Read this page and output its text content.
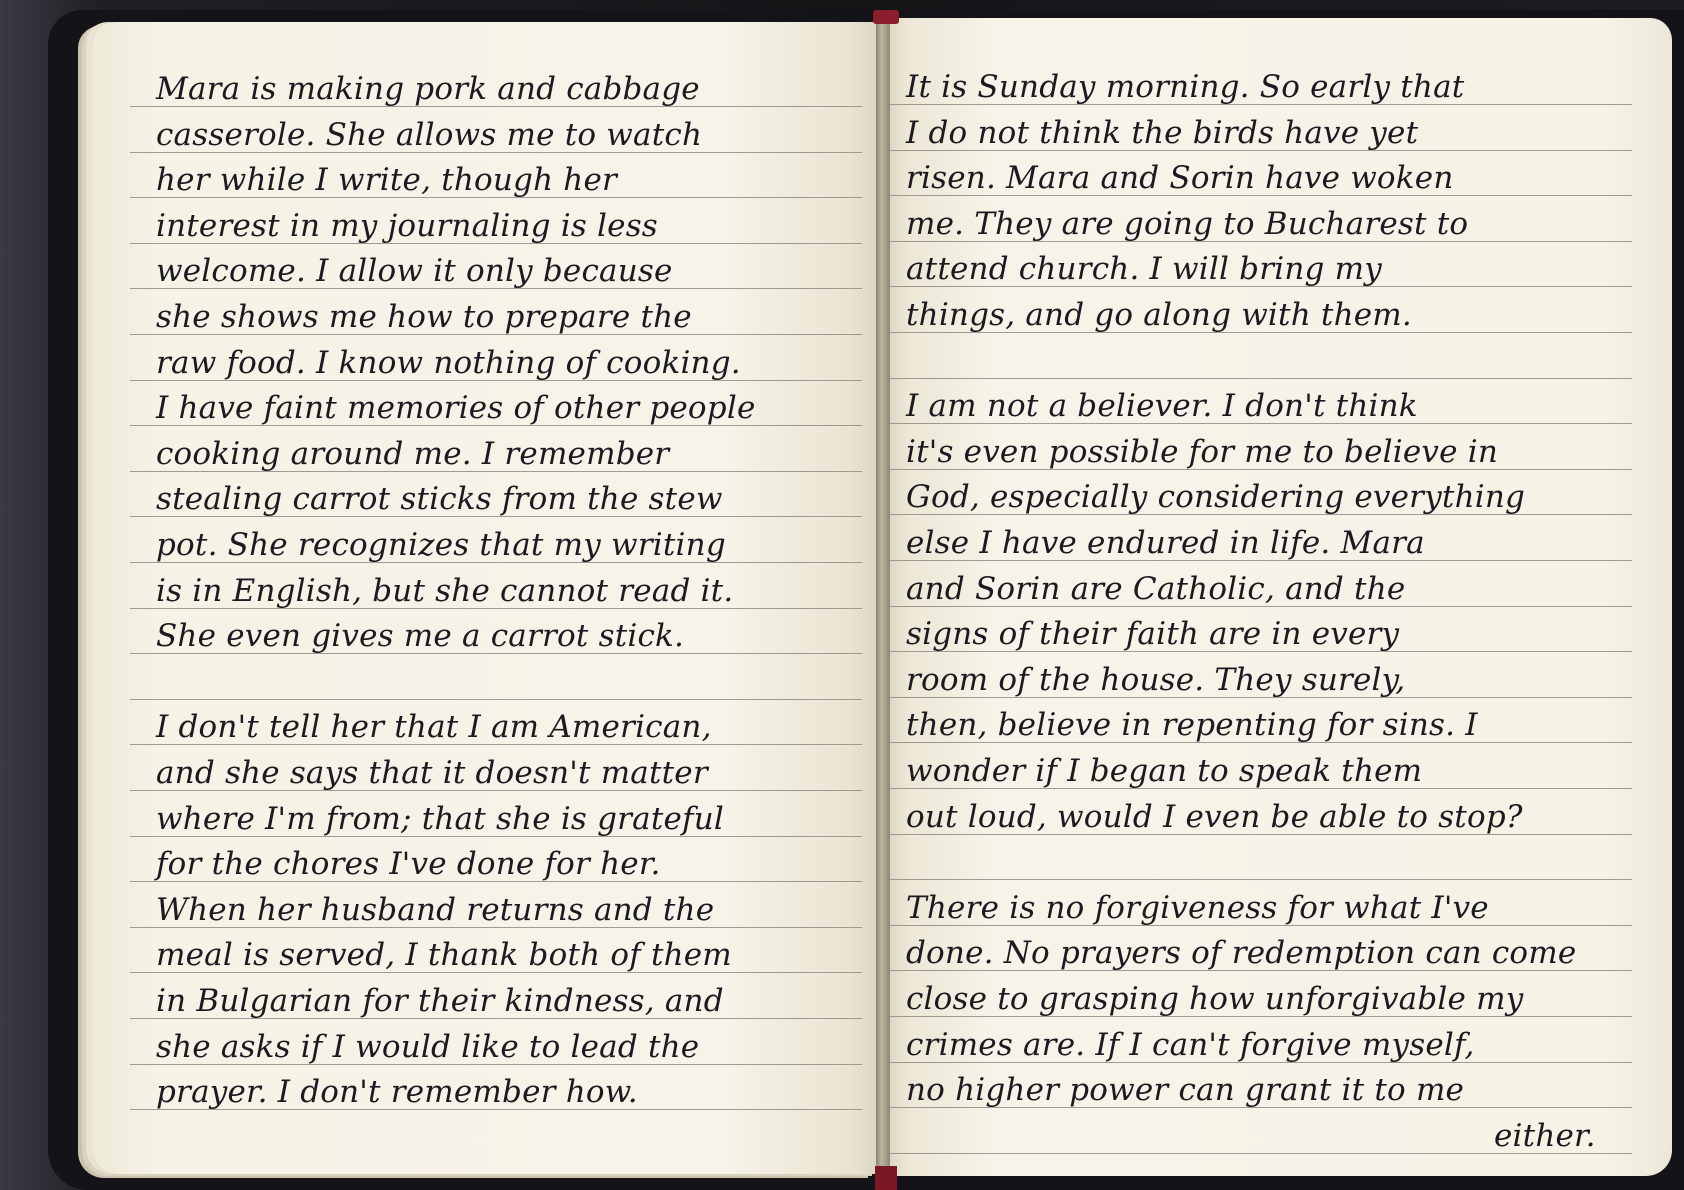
Mara is making pork and cabbage
casserole. She allows me to watch
her while I write, though her
interest in my journaling is less
welcome. I allow it only because
she shows me how to prepare the
raw food. I know nothing of cooking.
I have faint memories of other people
cooking around me. I remember
stealing carrot sticks from the stew
pot. She recognizes that my writing
is in English, but she cannot read it.
She even gives me a carrot stick.
I don't tell her that I am American,
and she says that it doesn't matter
where I'm from; that she is grateful
for the chores I've done for her.
When her husband returns and the
meal is served, I thank both of them
in Bulgarian for their kindness, and
she asks if I would like to lead the
prayer. I don't remember how.
It is Sunday morning. So early that
I do not think the birds have yet
risen. Mara and Sorin have woken
me. They are going to Bucharest to
attend church. I will bring my
things, and go along with them.
I am not a believer. I don't think
it's even possible for me to believe in
God, especially considering everything
else I have endured in life. Mara
and Sorin are Catholic, and the
signs of their faith are in every
room of the house. They surely,
then, believe in repenting for sins. I
wonder if I began to speak them
out loud, would I even be able to stop?
There is no forgiveness for what I've
done. No prayers of redemption can come
close to grasping how unforgivable my
crimes are. If I can't forgive myself,
no higher power can grant it to me
either.
